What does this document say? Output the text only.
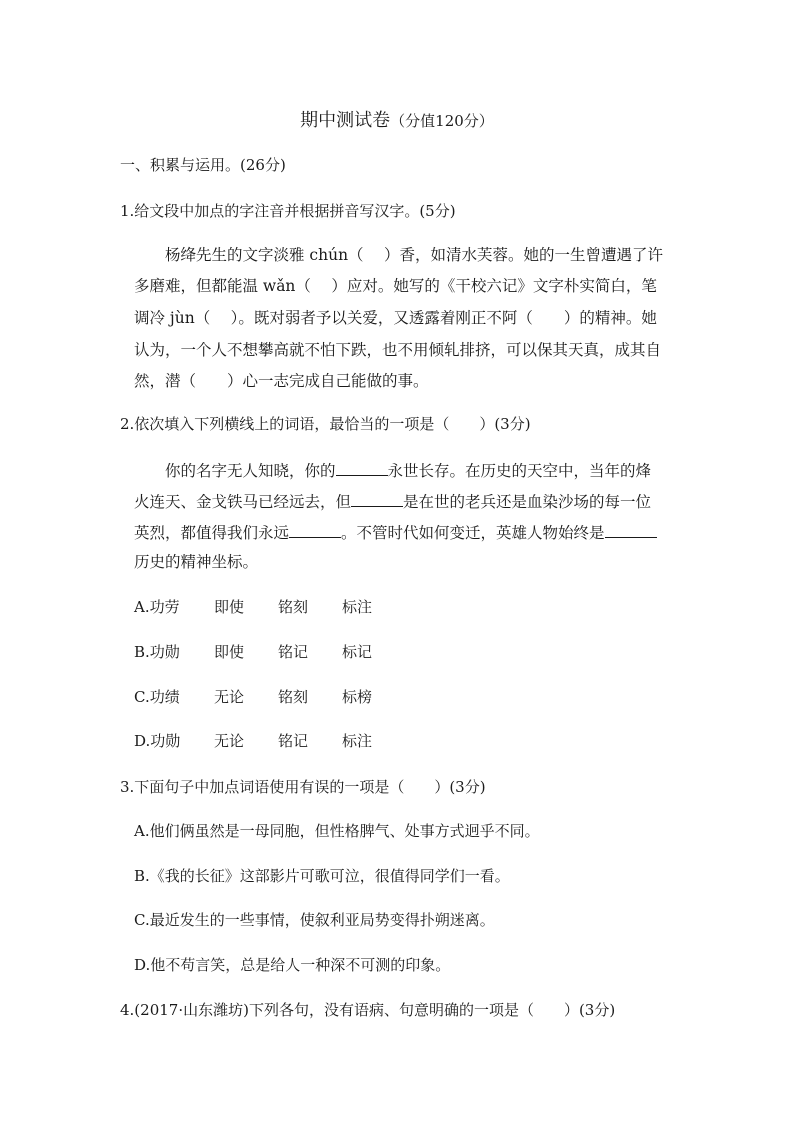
期中测试卷（分值120分）
一、积累与运用。(26分)
1.给文段中加点的字注音并根据拼音写汉字。(5分)
杨绛先生的文字淡雅 chún（　 ）香，如清水芙蓉。她的一生曾遭遇了许
多磨难，但都能温 wǎn（　 ）应对。她写的《干校六记》文字朴实简白，笔
调冷 jùn（　 ）。既对弱者予以关爱，又透露着刚正不阿（　　）的精神。她
认为，一个人不想攀高就不怕下跌，也不用倾轧排挤，可以保其天真，成其自
然，潜（　　）心一志完成自己能做的事。
2.依次填入下列横线上的词语，最恰当的一项是（　　）(3分)
你的名字无人知晓，你的	永世长存。在历史的天空中，当年的烽
火连天、金戈铁马已经远去，但	是在世的老兵还是血染沙场的每一位
英烈，都值得我们永远	。不管时代如何变迁，英雄人物始终是
历史的精神坐标。
A.功劳 即使 铭刻 标注
B.功勋 即使 铭记 标记
C.功绩 无论 铭刻 标榜
D.功勋 无论 铭记 标注
3.下面句子中加点词语使用有误的一项是（　　）(3分)
A.他们俩虽然是一母同胞，但性格脾气、处事方式迥乎不同。
B.《我的长征》这部影片可歌可泣，很值得同学们一看。
C.最近发生的一些事情，使叙利亚局势变得扑朔迷离。
D.他不苟言笑，总是给人一种深不可测的印象。
4.(2017·山东潍坊)下列各句，没有语病、句意明确的一项是（　　）(3分)
